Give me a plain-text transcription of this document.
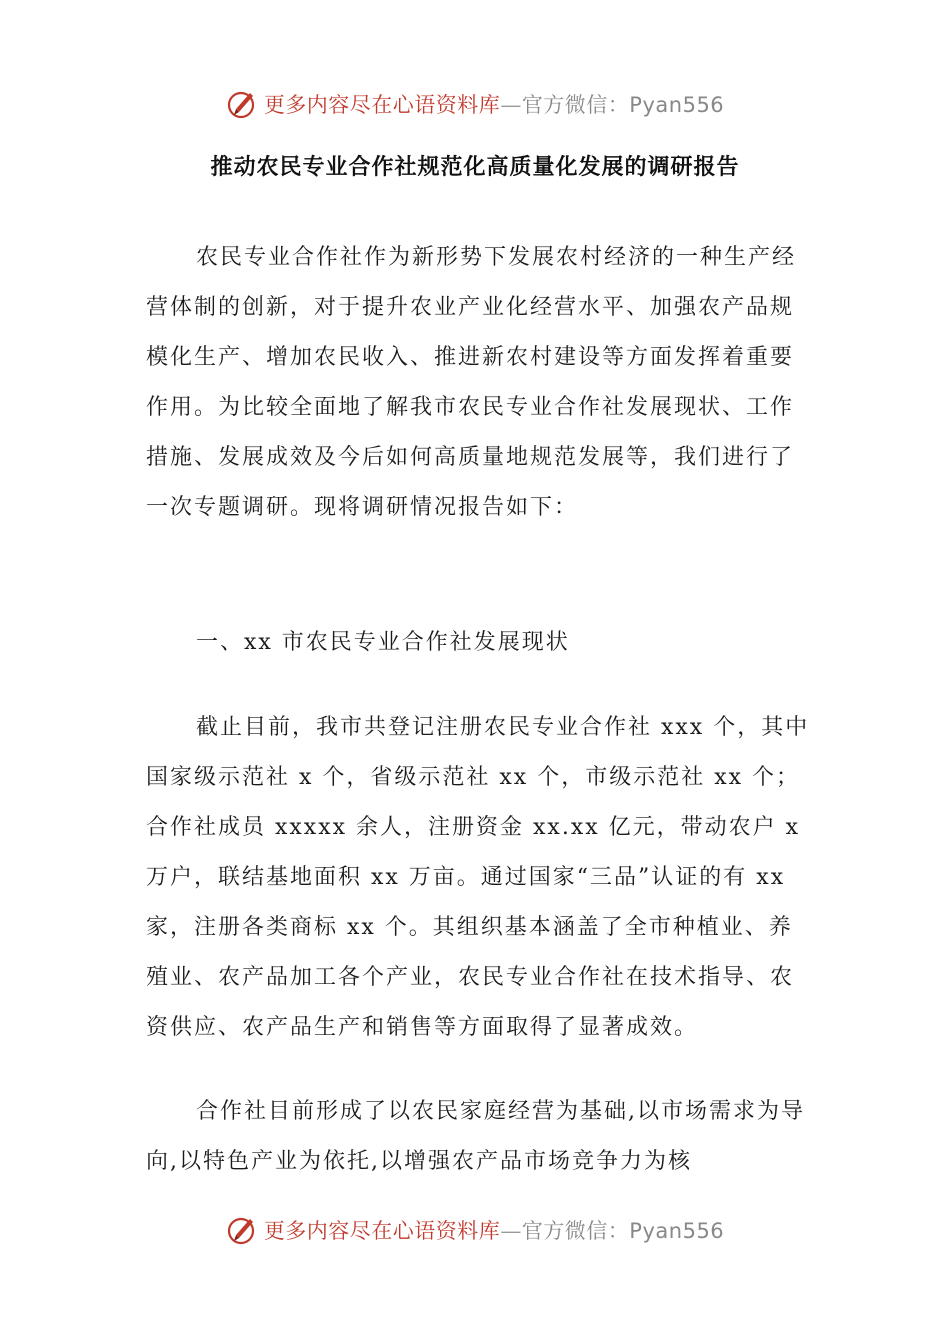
更多内容尽在心语资料库—官方微信：Pyan556
推动农民专业合作社规范化高质量化发展的调研报告

农民专业合作社作为新形势下发展农村经济的一种生产经营体制的创新，对于提升农业产业化经营水平、加强农产品规模化生产、增加农民收入、推进新农村建设等方面发挥着重要作用。为比较全面地了解我市农民专业合作社发展现状、工作措施、发展成效及今后如何高质量地规范发展等，我们进行了一次专题调研。现将调研情况报告如下：

一、xx 市农民专业合作社发展现状

截止目前，我市共登记注册农民专业合作社 xxx 个，其中国家级示范社 x 个，省级示范社 xx 个，市级示范社 xx 个；合作社成员 xxxxx 余人，注册资金 xx.xx 亿元，带动农户 x 万户，联结基地面积 xx 万亩。通过国家“三品”认证的有 xx 家，注册各类商标 xx 个。其组织基本涵盖了全市种植业、养殖业、农产品加工各个产业，农民专业合作社在技术指导、农资供应、农产品生产和销售等方面取得了显著成效。

合作社目前形成了以农民家庭经营为基础,以市场需求为导向,以特色产业为依托,以增强农产品市场竞争力为核

更多内容尽在心语资料库—官方微信：Pyan556
